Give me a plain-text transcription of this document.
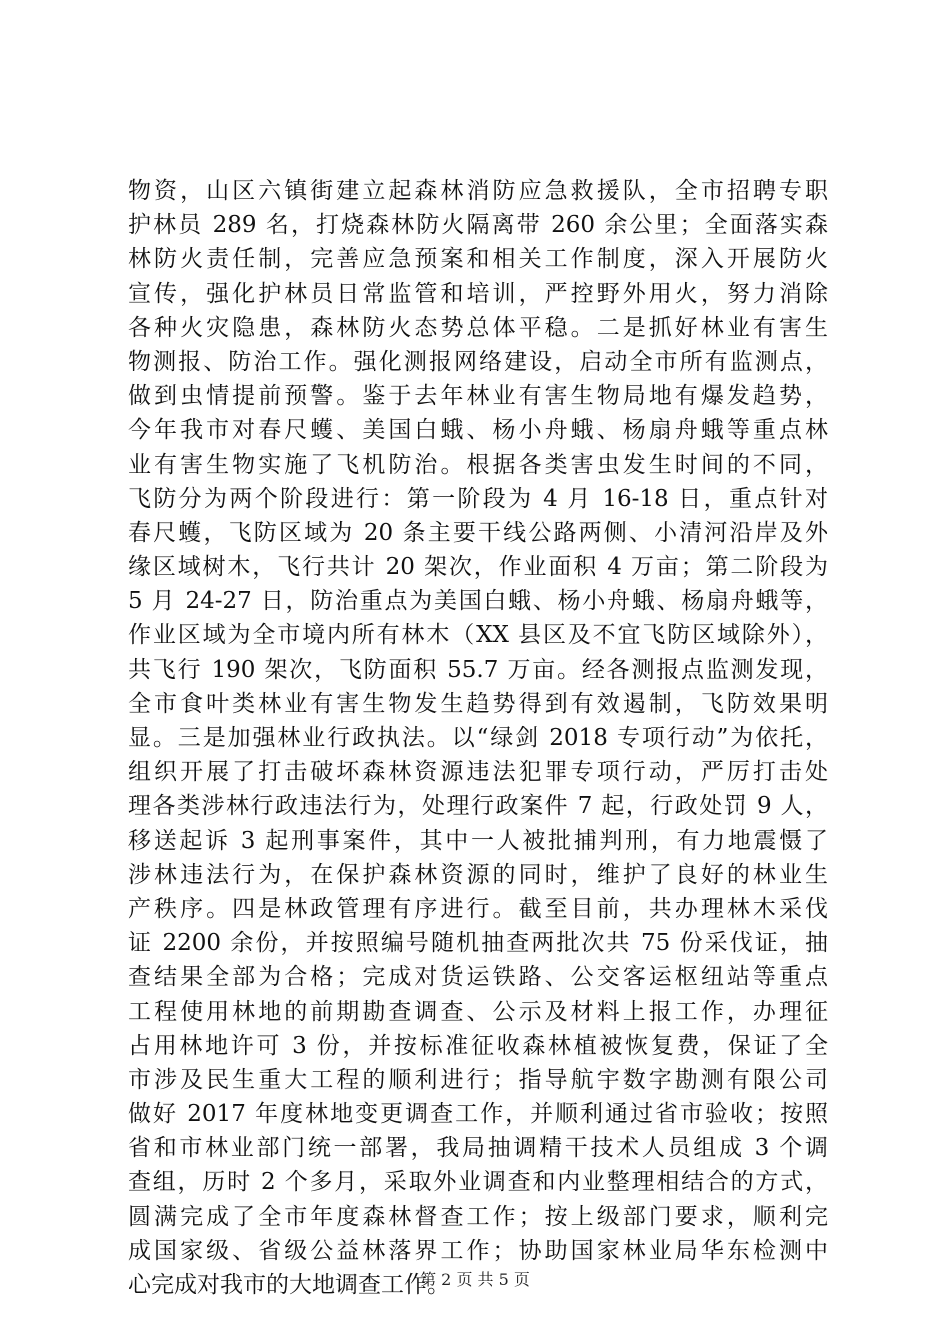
物资，山区六镇街建立起森林消防应急救援队，全市招聘专职
护林员 289 名，打烧森林防火隔离带 260 余公里；全面落实森
林防火责任制，完善应急预案和相关工作制度，深入开展防火
宣传，强化护林员日常监管和培训，严控野外用火，努力消除
各种火灾隐患，森林防火态势总体平稳。二是抓好林业有害生
物测报、防治工作。强化测报网络建设，启动全市所有监测点，
做到虫情提前预警。鉴于去年林业有害生物局地有爆发趋势，
今年我市对春尺蠖、美国白蛾、杨小舟蛾、杨扇舟蛾等重点林
业有害生物实施了飞机防治。根据各类害虫发生时间的不同，
飞防分为两个阶段进行：第一阶段为 4 月 16-18 日，重点针对
春尺蠖，飞防区域为 20 条主要干线公路两侧、小清河沿岸及外
缘区域树木，飞行共计 20 架次，作业面积 4 万亩；第二阶段为
5 月 24-27 日，防治重点为美国白蛾、杨小舟蛾、杨扇舟蛾等，
作业区域为全市境内所有林木（XX 县区及不宜飞防区域除外），
共飞行 190 架次，飞防面积 55.7 万亩。经各测报点监测发现，
全市食叶类林业有害生物发生趋势得到有效遏制，飞防效果明
显。三是加强林业行政执法。以“绿剑 2018 专项行动”为依托，
组织开展了打击破坏森林资源违法犯罪专项行动，严厉打击处
理各类涉林行政违法行为，处理行政案件 7 起，行政处罚 9 人，
移送起诉 3 起刑事案件，其中一人被批捕判刑，有力地震慑了
涉林违法行为，在保护森林资源的同时，维护了良好的林业生
产秩序。四是林政管理有序进行。截至目前，共办理林木采伐
证 2200 余份，并按照编号随机抽查两批次共 75 份采伐证，抽
查结果全部为合格；完成对货运铁路、公交客运枢纽站等重点
工程使用林地的前期勘查调查、公示及材料上报工作，办理征
占用林地许可 3 份，并按标准征收森林植被恢复费，保证了全
市涉及民生重大工程的顺利进行；指导航宇数字勘测有限公司
做好 2017 年度林地变更调查工作，并顺利通过省市验收；按照
省和市林业部门统一部署，我局抽调精干技术人员组成 3 个调
查组，历时 2 个多月，采取外业调查和内业整理相结合的方式，
圆满完成了全市年度森林督查工作；按上级部门要求，顺利完
成国家级、省级公益林落界工作；协助国家林业局华东检测中
心完成对我市的大地调查工作。
第 2 页 共 5 页
